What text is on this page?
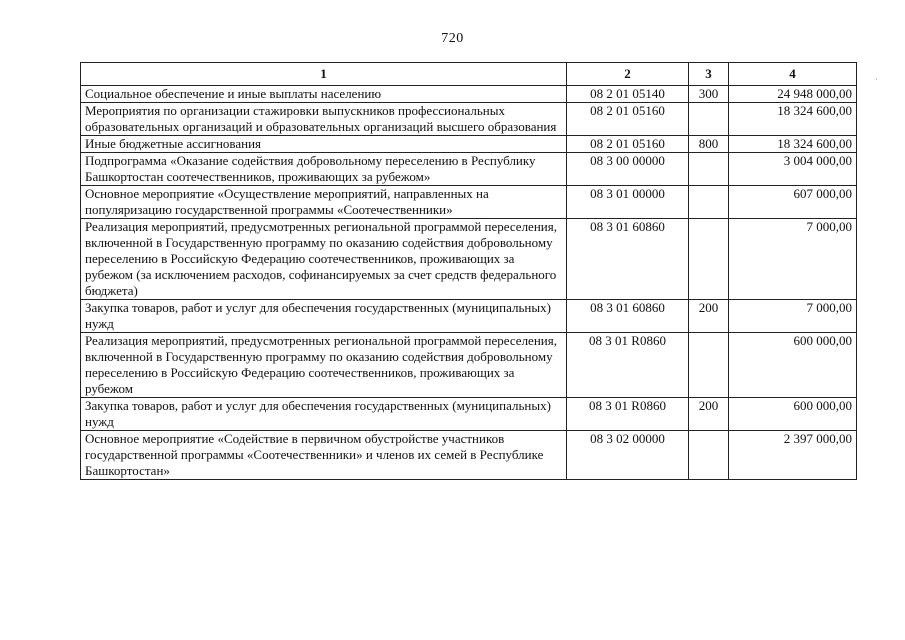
720
·
1	2	3	4
Социальное обеспечение и иные выплаты населению	08 2 01 05140	300	24 948 000,00
Мероприятия по организации стажировки выпускников профессиональных образовательных организаций и образовательных организаций высшего образования	08 2 01 05160		18 324 600,00
Иные бюджетные ассигнования	08 2 01 05160	800	18 324 600,00
Подпрограмма «Оказание содействия добровольному переселению в Республику Башкортостан соотечественников, проживающих за рубежом»	08 3 00 00000		3 004 000,00
Основное мероприятие «Осуществление мероприятий, направленных на популяризацию государственной программы «Соотечественники»	08 3 01 00000		607 000,00
Реализация мероприятий, предусмотренных региональной программой переселения, включенной в Государственную программу по оказанию содействия добровольному переселению в Российскую Федерацию соотечественников, проживающих за рубежом (за исключением расходов, софинансируемых за счет средств федерального бюджета)	08 3 01 60860		7 000,00
Закупка товаров, работ и услуг для обеспечения государственных (муниципальных) нужд	08 3 01 60860	200	7 000,00
Реализация мероприятий, предусмотренных региональной программой переселения, включенной в Государственную программу по оказанию содействия добровольному переселению в Российскую Федерацию соотечественников, проживающих за рубежом	08 3 01 R0860		600 000,00
Закупка товаров, работ и услуг для обеспечения государственных (муниципальных) нужд	08 3 01 R0860	200	600 000,00
Основное мероприятие «Содействие в первичном обустройстве участников государственной программы «Соотечественники» и членов их семей в Республике Башкортостан»	08 3 02 00000		2 397 000,00
